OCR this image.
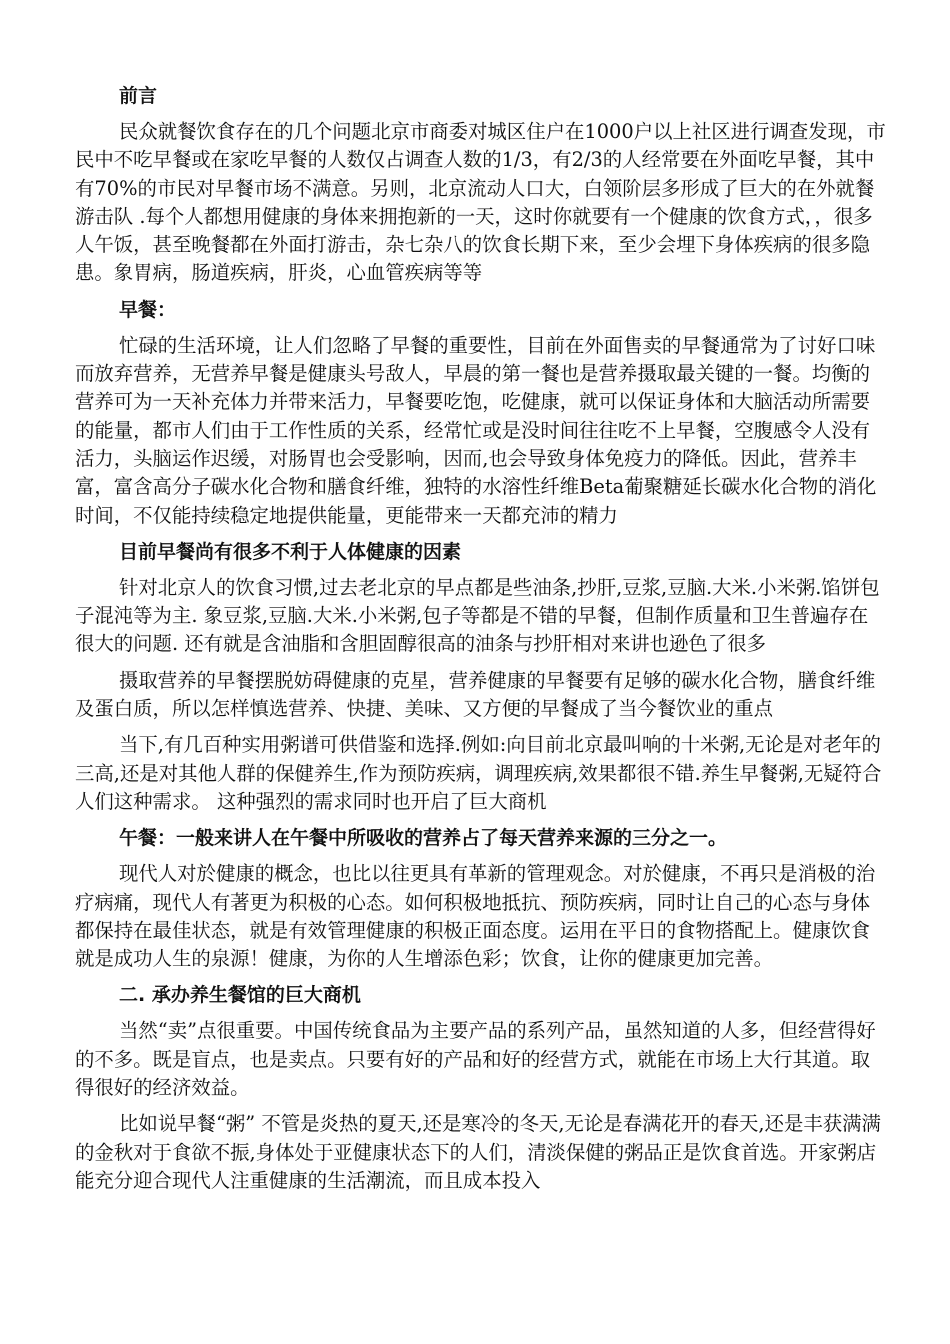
前言

民众就餐饮食存在的几个问题北京市商委对城区住户在1000户以上社区进行调查发现，市民中不吃早餐或在家吃早餐的人数仅占调查人数的1/3，有2/3的人经常要在外面吃早餐，其中有70%的市民对早餐市场不满意。另则，北京流动人口大，白领阶层多形成了巨大的在外就餐游击队 .每个人都想用健康的身体来拥抱新的一天，这时你就要有一个健康的饮食方式，，很多人午饭，甚至晚餐都在外面打游击，杂七杂八的饮食长期下来，至少会埋下身体疾病的很多隐患。象胃病，肠道疾病，肝炎，心血管疾病等等

早餐：

忙碌的生活环境，让人们忽略了早餐的重要性，目前在外面售卖的早餐通常为了讨好口味而放弃营养，无营养早餐是健康头号敌人，早晨的第一餐也是营养摄取最关键的一餐。均衡的营养可为一天补充体力并带来活力，早餐要吃饱，吃健康，就可以保证身体和大脑活动所需要的能量，都市人们由于工作性质的关系，经常忙或是没时间往往吃不上早餐，空腹感令人没有活力，头脑运作迟缓，对肠胃也会受影响，因而,也会导致身体免疫力的降低。因此，营养丰富，富含高分子碳水化合物和膳食纤维，独特的水溶性纤维Beta葡聚糖延长碳水化合物的消化时间，不仅能持续稳定地提供能量，更能带来一天都充沛的精力

目前早餐尚有很多不利于人体健康的因素

针对北京人的饮食习惯,过去老北京的早点都是些油条,抄肝,豆浆,豆脑.大米.小米粥.馅饼包子混沌等为主. 象豆浆,豆脑.大米.小米粥,包子等都是不错的早餐，但制作质量和卫生普遍存在很大的问题. 还有就是含油脂和含胆固醇很高的油条与抄肝相对来讲也逊色了很多

摄取营养的早餐摆脱妨碍健康的克星，营养健康的早餐要有足够的碳水化合物，膳食纤维及蛋白质，所以怎样慎选营养、快捷、美味、又方便的早餐成了当今餐饮业的重点

当下,有几百种实用粥谱可供借鉴和选择.例如:向目前北京最叫响的十米粥,无论是对老年的三高,还是对其他人群的保健养生,作为预防疾病，调理疾病,效果都很不错.养生早餐粥,无疑符合人们这种需求。 这种强烈的需求同时也开启了巨大商机

午餐：一般来讲人在午餐中所吸收的营养占了每天营养来源的三分之一。

现代人对於健康的概念，也比以往更具有革新的管理观念。对於健康，不再只是消极的治疗病痛，现代人有著更为积极的心态。如何积极地抵抗、预防疾病，同时让自己的心态与身体都保持在最佳状态，就是有效管理健康的积极正面态度。运用在平日的食物搭配上。健康饮食就是成功人生的泉源！健康，为你的人生增添色彩；饮食，让你的健康更加完善。

二. 承办养生餐馆的巨大商机

当然“卖”点很重要。中国传统食品为主要产品的系列产品，虽然知道的人多，但经营得好的不多。既是盲点，也是卖点。只要有好的产品和好的经营方式，就能在市场上大行其道。取得很好的经济效益。

比如说早餐“粥” 不管是炎热的夏天,还是寒冷的冬天,无论是春满花开的春天,还是丰获满满的金秋对于食欲不振,身体处于亚健康状态下的人们，清淡保健的粥品正是饮食首选。开家粥店能充分迎合现代人注重健康的生活潮流，而且成本投入
